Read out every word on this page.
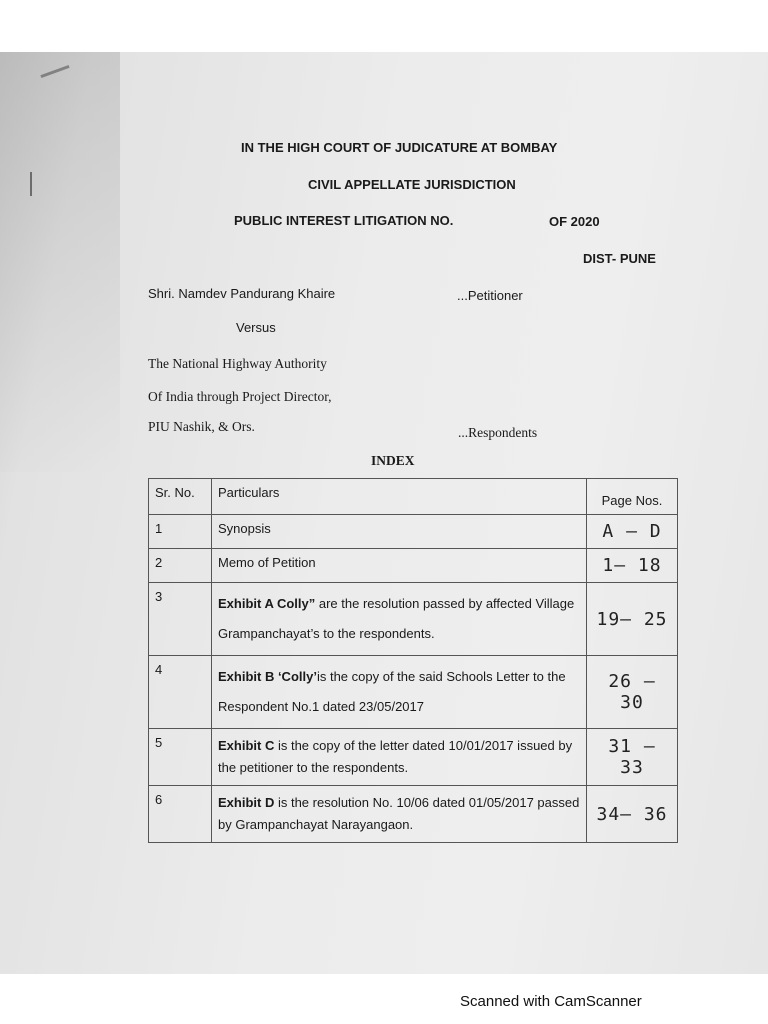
IN THE HIGH COURT OF JUDICATURE AT BOMBAY
CIVIL APPELLATE JURISDICTION
PUBLIC INTEREST LITIGATION NO.	OF 2020
DIST- PUNE
Shri. Namdev Pandurang Khaire	...Petitioner
Versus
The National Highway Authority
Of India through Project Director,
PIU Nashik, & Ors.	...Respondents
INDEX
Sr. No.	Particulars	Page Nos.
1	Synopsis	A – D
2	Memo of Petition	1– 18
3	Exhibit A Colly” are the resolution passed by affected Village Grampanchayat’s to the respondents.	19– 25
4	Exhibit B ‘Colly’is the copy of the said Schools Letter to the Respondent No.1 dated 23/05/2017	26 – 30
5	Exhibit C is the copy of the letter dated 10/01/2017 issued by the petitioner to the respondents.	31 – 33
6	Exhibit D is the resolution No. 10/06 dated 01/05/2017 passed by Grampanchayat Narayangaon.	34– 36
Scanned with CamScanner
